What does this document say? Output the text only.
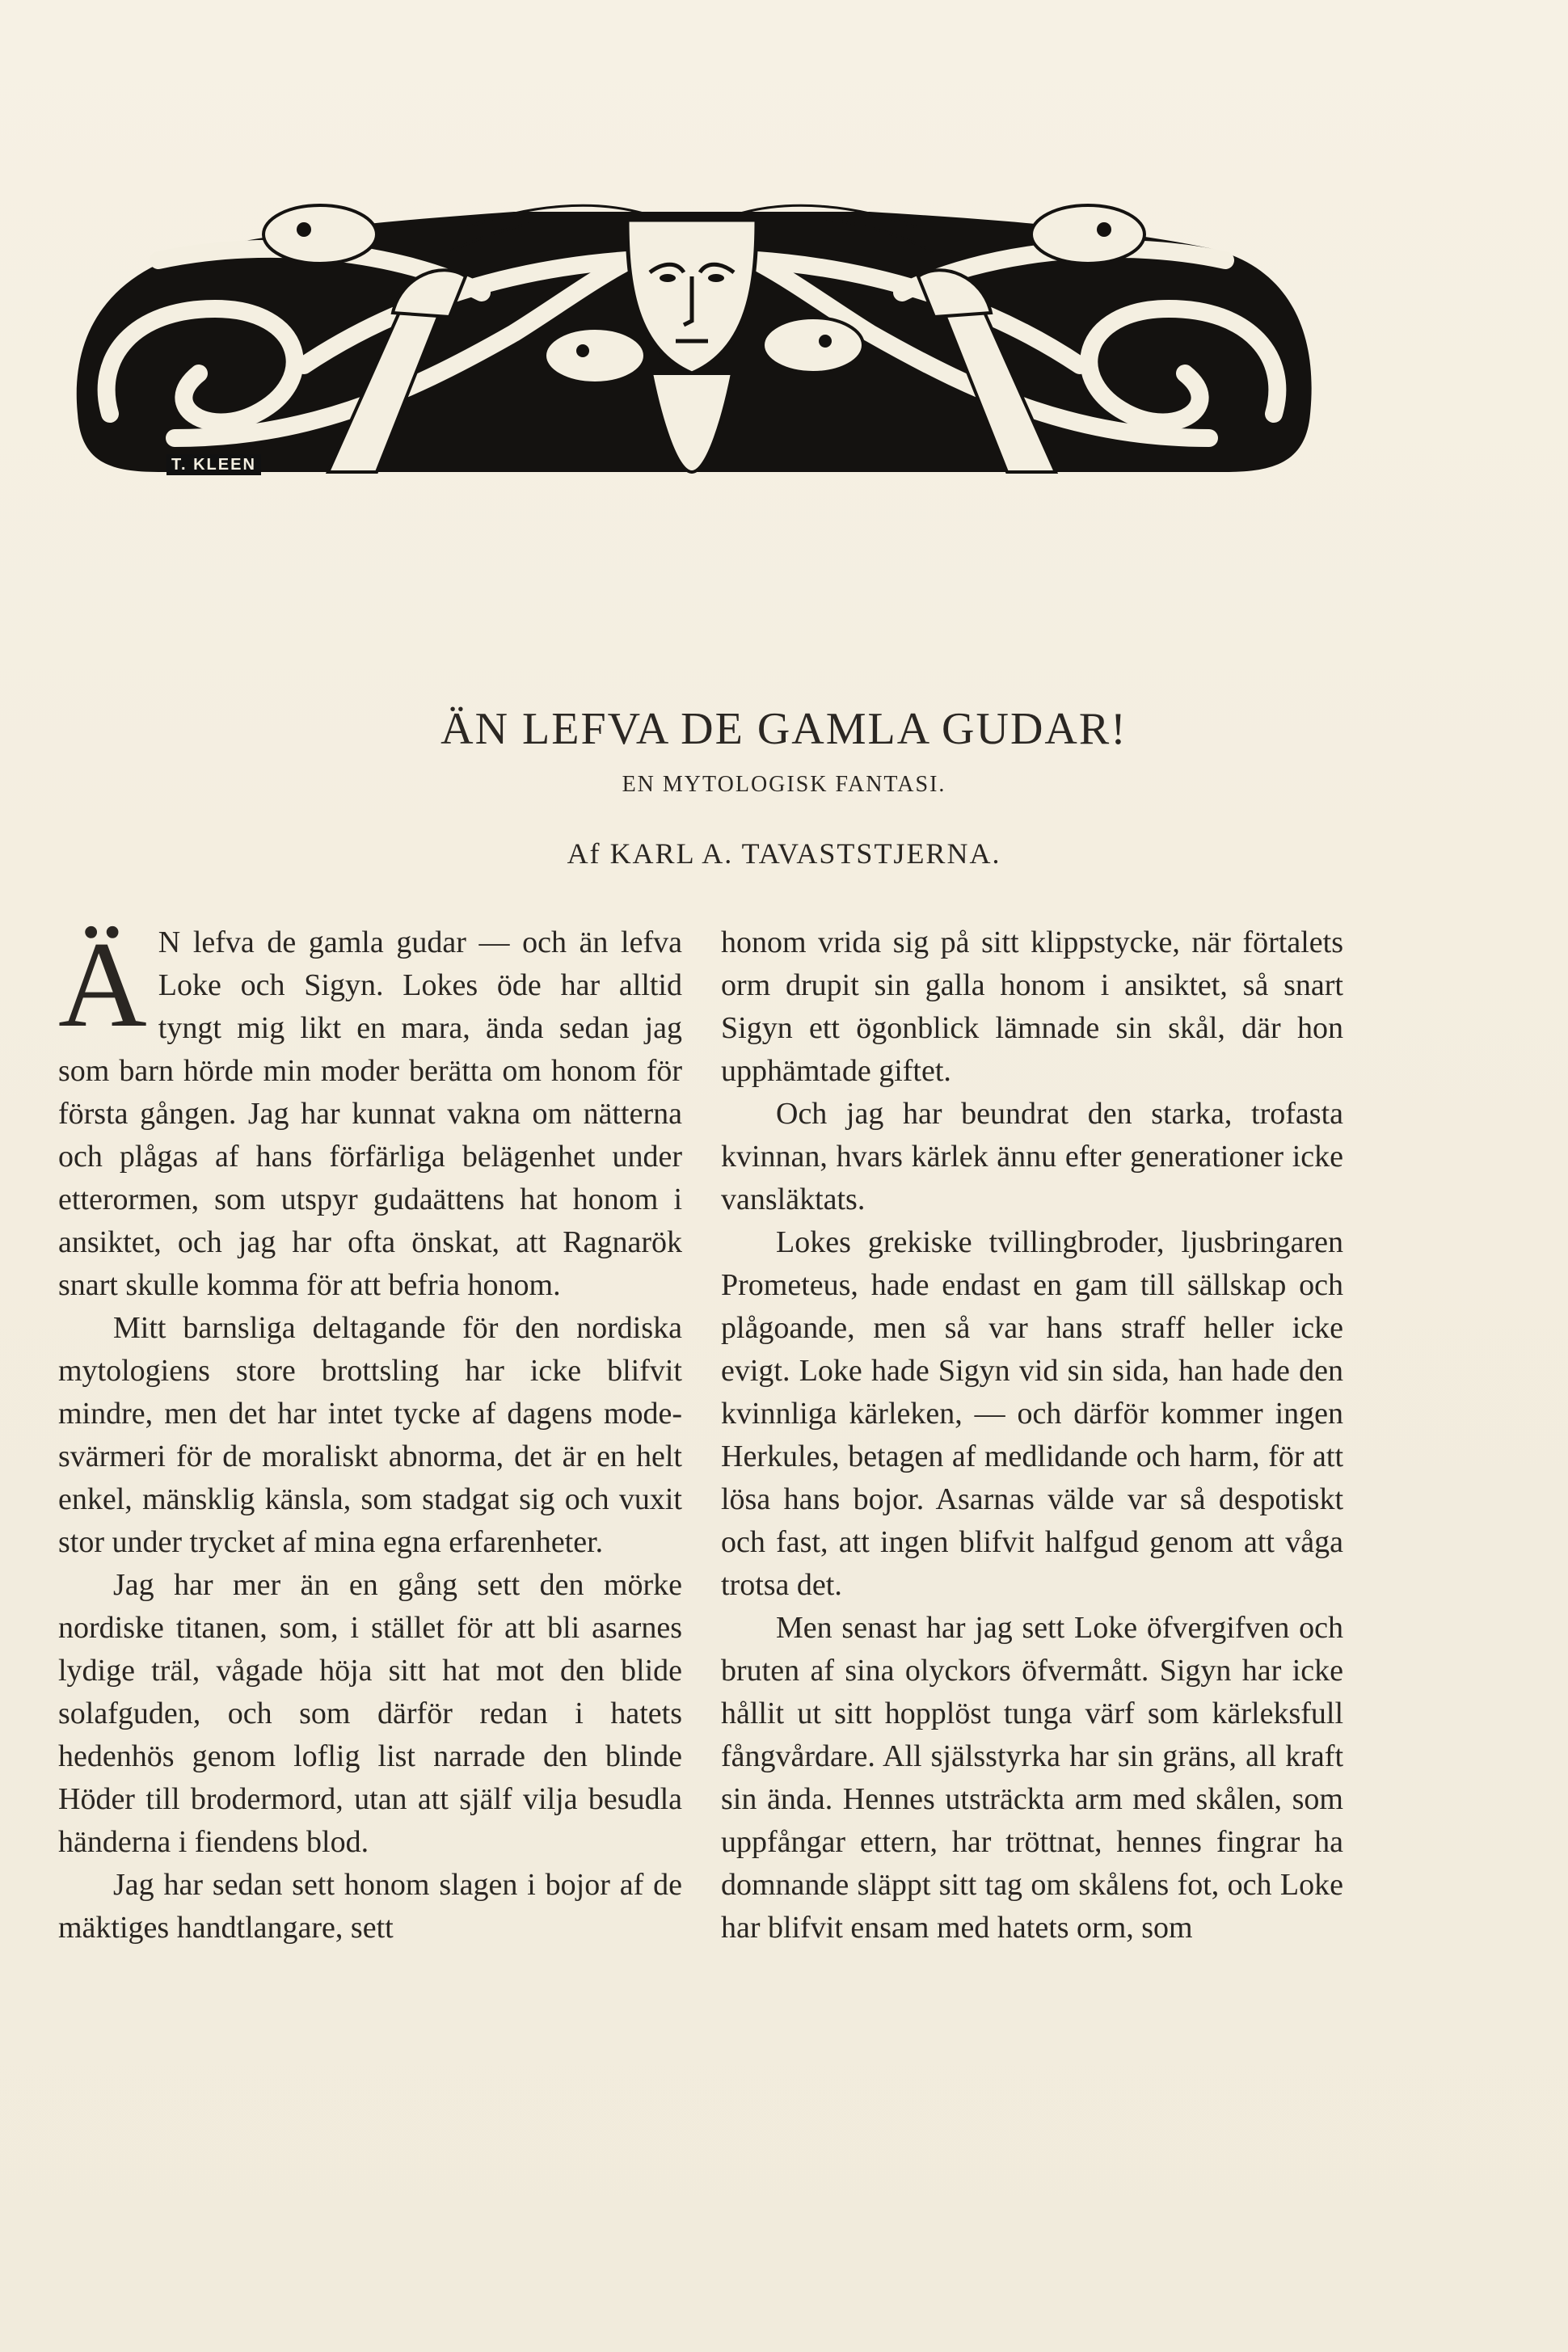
T. KLEEN
ÄN LEFVA DE GAMLA GUDAR!
EN MYTOLOGISK FANTASI.
Af KARL A. TAVASTSTJERNA.

Ä N lefva de gamla gudar — och än lefva Loke och Sigyn. Lokes öde har alltid tyngt mig likt en mara, ända sedan jag som barn hörde min moder berätta om honom för första gången. Jag har kunnat vakna om nätterna och plågas af hans förfärliga belägenhet under etterormen, som utspyr gudaättens hat honom i ansiktet, och jag har ofta önskat, att Ragnarök snart skulle komma för att befria honom.

Mitt barnsliga deltagande för den nordiska mytologiens store brottsling har icke blifvit mindre, men det har intet tycke af dagens mode-svärmeri för de moraliskt abnorma, det är en helt enkel, mänsklig känsla, som stadgat sig och vuxit stor under trycket af mina egna erfarenheter.

Jag har mer än en gång sett den mörke nordiske titanen, som, i stället för att bli asarnes lydige träl, vågade höja sitt hat mot den blide solafguden, och som därför redan i hatets hedenhös genom loflig list narrade den blinde Höder till brodermord, utan att själf vilja besudla händerna i fiendens blod.

Jag har sedan sett honom slagen i bojor af de mäktiges handtlangare, sett

honom vrida sig på sitt klippstycke, när förtalets orm drupit sin galla honom i ansiktet, så snart Sigyn ett ögonblick lämnade sin skål, där hon upphämtade giftet.

Och jag har beundrat den starka, trofasta kvinnan, hvars kärlek ännu efter generationer icke vansläktats.

Lokes grekiske tvillingbroder, ljusbringaren Prometeus, hade endast en gam till sällskap och plågoande, men så var hans straff heller icke evigt. Loke hade Sigyn vid sin sida, han hade den kvinnliga kärleken, — och därför kommer ingen Herkules, betagen af medlidande och harm, för att lösa hans bojor. Asarnas välde var så despotiskt och fast, att ingen blifvit halfgud genom att våga trotsa det.

Men senast har jag sett Loke öfvergifven och bruten af sina olyckors öfvermått. Sigyn har icke hållit ut sitt hopplöst tunga värf som kärleksfull fångvårdare. All själsstyrka har sin gräns, all kraft sin ända. Hennes utsträckta arm med skålen, som uppfångar ettern, har tröttnat, hennes fingrar ha domnande släppt sitt tag om skålens fot, och Loke har blifvit ensam med hatets orm, som
